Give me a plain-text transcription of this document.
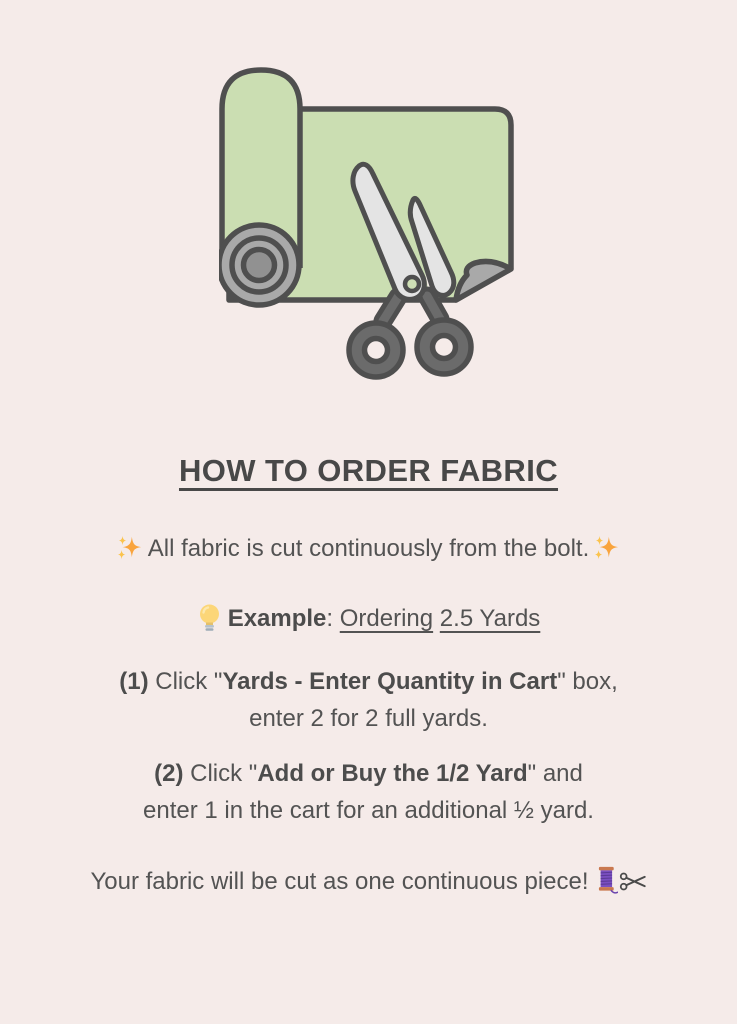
HOW TO ORDER FABRIC

All fabric is cut continuously from the bolt.

Example: Ordering 2.5 Yards

(1) Click "Yards - Enter Quantity in Cart" box,
enter 2 for 2 full yards.

(2) Click "Add or Buy the 1/2 Yard" and
enter 1 in the cart for an additional ½ yard.

Your fabric will be cut as one continuous piece!
